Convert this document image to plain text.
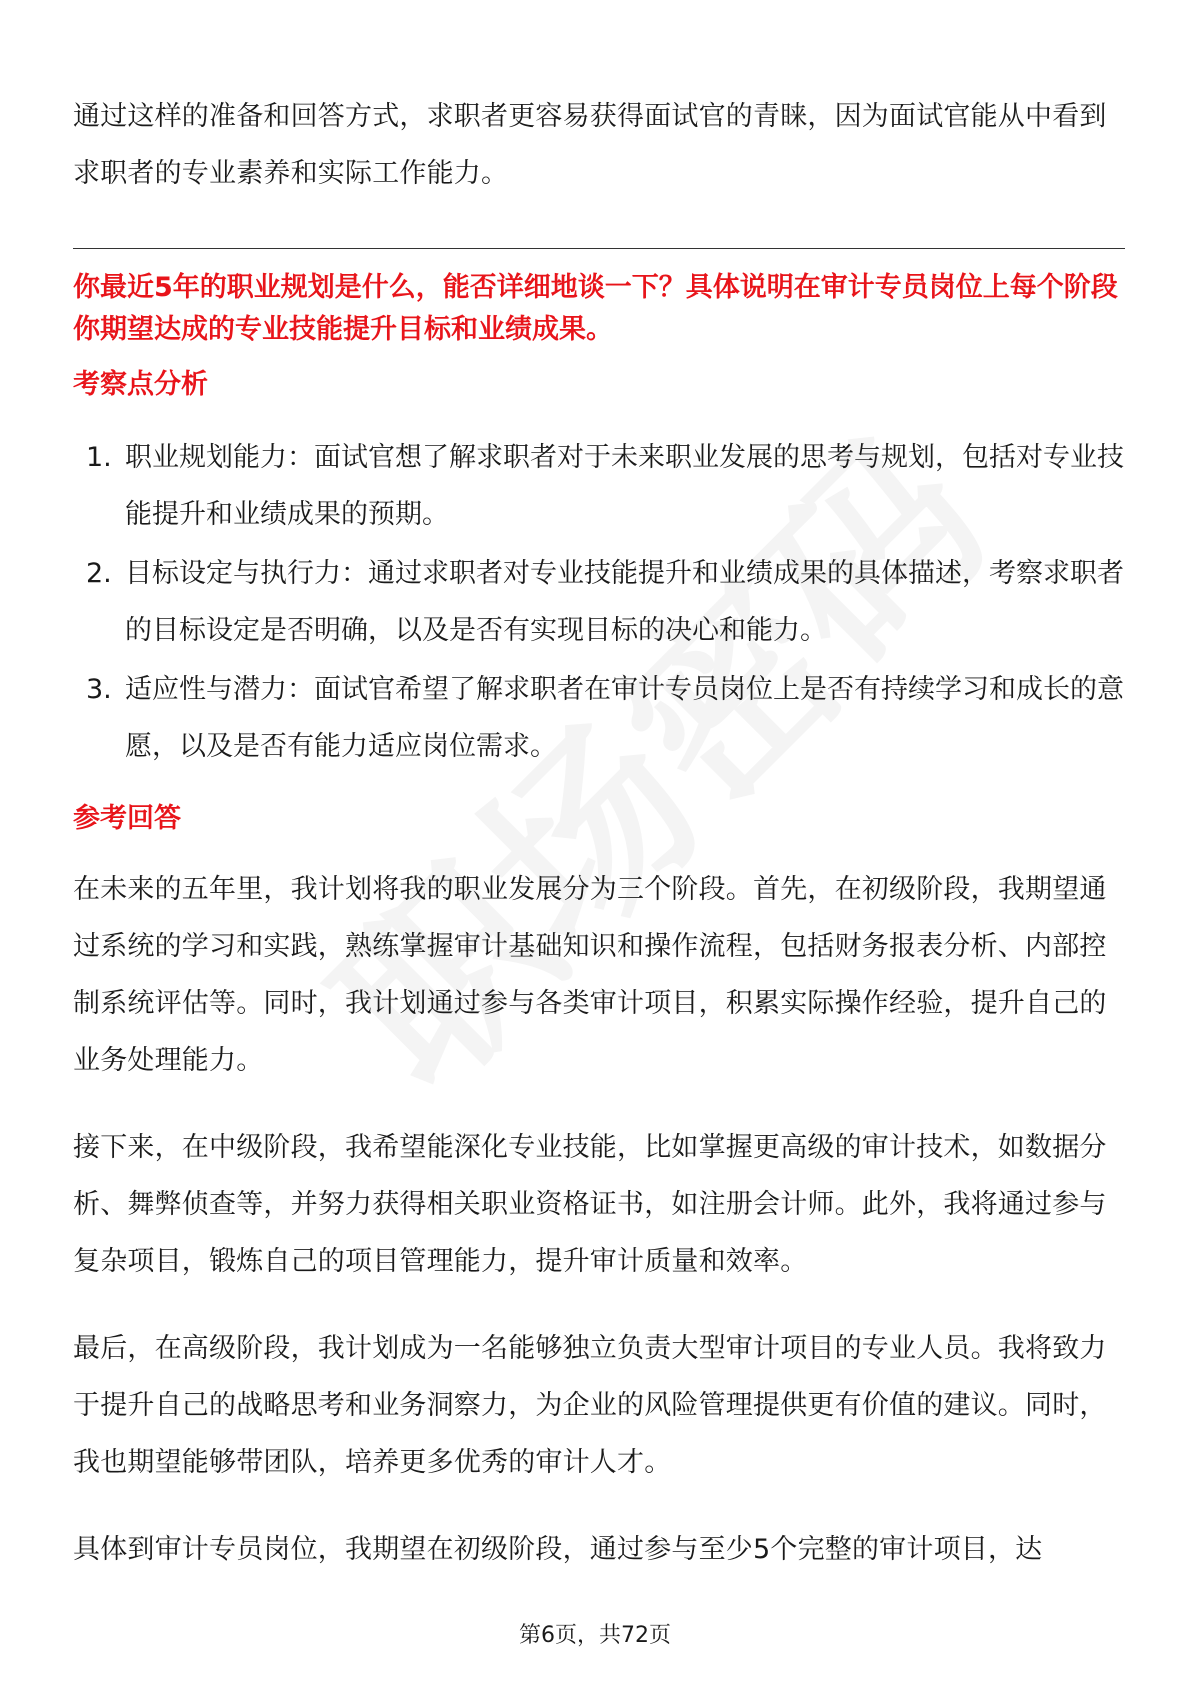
通过这样的准备和回答方式，求职者更容易获得面试官的青睐，因为面试官能从中看到求职者的专业素养和实际工作能力。

你最近5年的职业规划是什么，能否详细地谈一下？具体说明在审计专员岗位上每个阶段你期望达成的专业技能提升目标和业绩成果。

考察点分析
1. 职业规划能力：面试官想了解求职者对于未来职业发展的思考与规划，包括对专业技能提升和业绩成果的预期。
2. 目标设定与执行力：通过求职者对专业技能提升和业绩成果的具体描述，考察求职者的目标设定是否明确，以及是否有实现目标的决心和能力。
3. 适应性与潜力：面试官希望了解求职者在审计专员岗位上是否有持续学习和成长的意愿，以及是否有能力适应岗位需求。
参考回答

在未来的五年里，我计划将我的职业发展分为三个阶段。首先，在初级阶段，我期望通过系统的学习和实践，熟练掌握审计基础知识和操作流程，包括财务报表分析、内部控制系统评估等。同时，我计划通过参与各类审计项目，积累实际操作经验，提升自己的业务处理能力。

接下来，在中级阶段，我希望能深化专业技能，比如掌握更高级的审计技术，如数据分析、舞弊侦查等，并努力获得相关职业资格证书，如注册会计师。此外，我将通过参与复杂项目，锻炼自己的项目管理能力，提升审计质量和效率。

最后，在高级阶段，我计划成为一名能够独立负责大型审计项目的专业人员。我将致力于提升自己的战略思考和业务洞察力，为企业的风险管理提供更有价值的建议。同时，我也期望能够带团队，培养更多优秀的审计人才。

具体到审计专员岗位，我期望在初级阶段，通过参与至少5个完整的审计项目，达

第6页，共72页
